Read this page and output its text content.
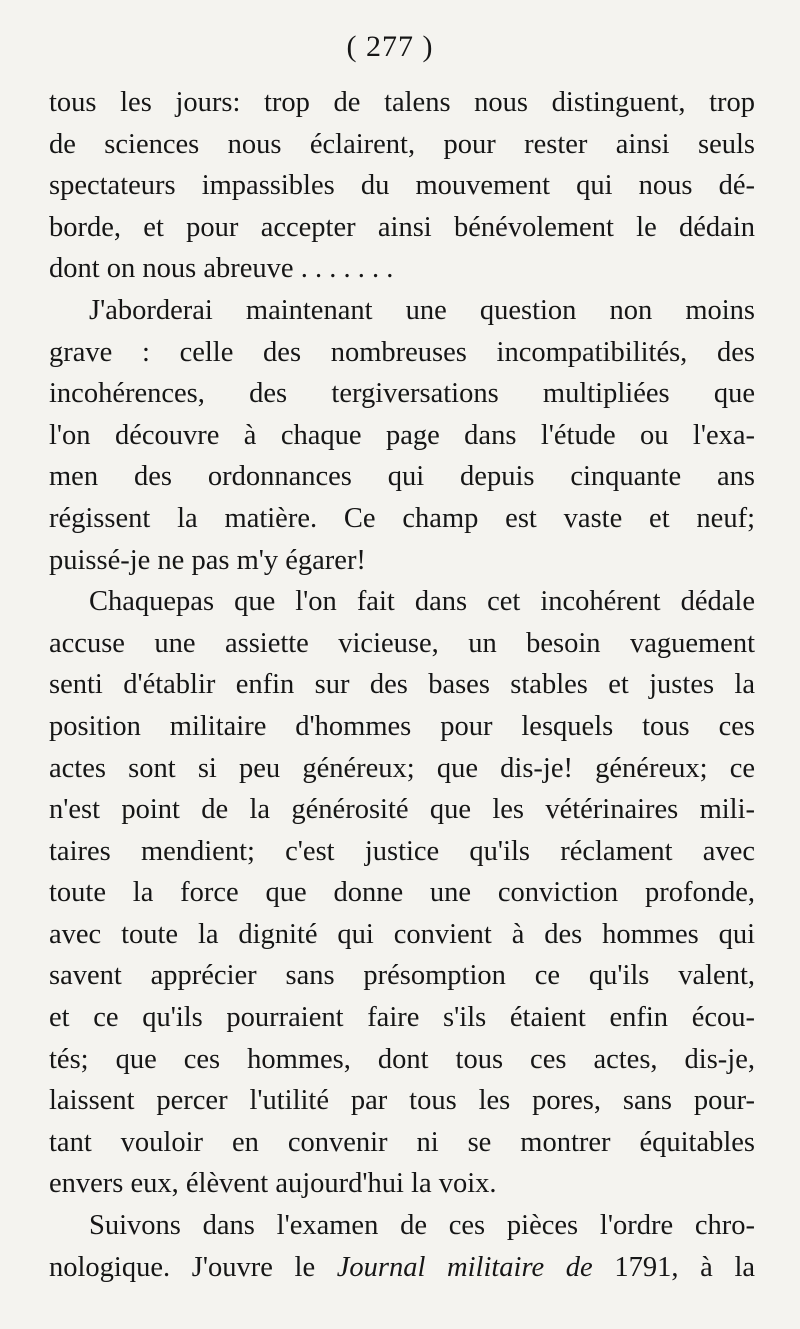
( 277 )
tous les jours: trop de talens nous distinguent, trop
de sciences nous éclairent, pour rester ainsi seuls
spectateurs impassibles du mouvement qui nous dé-
borde, et pour accepter ainsi bénévolement le dédain
dont on nous abreuve . . . . . . .
J'aborderai maintenant une question non moins
grave : celle des nombreuses incompatibilités, des
incohérences, des tergiversations multipliées que
l'on découvre à chaque page dans l'étude ou l'exa-
men des ordonnances qui depuis cinquante ans
régissent la matière. Ce champ est vaste et neuf;
puissé-je ne pas m'y égarer!
Chaquepas que l'on fait dans cet incohérent dédale
accuse une assiette vicieuse, un besoin vaguement
senti d'établir enfin sur des bases stables et justes la
position militaire d'hommes pour lesquels tous ces
actes sont si peu généreux; que dis-je! généreux; ce
n'est point de la générosité que les vétérinaires mili-
taires mendient; c'est justice qu'ils réclament avec
toute la force que donne une conviction profonde,
avec toute la dignité qui convient à des hommes qui
savent apprécier sans présomption ce qu'ils valent,
et ce qu'ils pourraient faire s'ils étaient enfin écou-
tés; que ces hommes, dont tous ces actes, dis-je,
laissent percer l'utilité par tous les pores, sans pour-
tant vouloir en convenir ni se montrer équitables
envers eux, élèvent aujourd'hui la voix.
Suivons dans l'examen de ces pièces l'ordre chro-
nologique. J'ouvre le Journal militaire de 1791, à la
